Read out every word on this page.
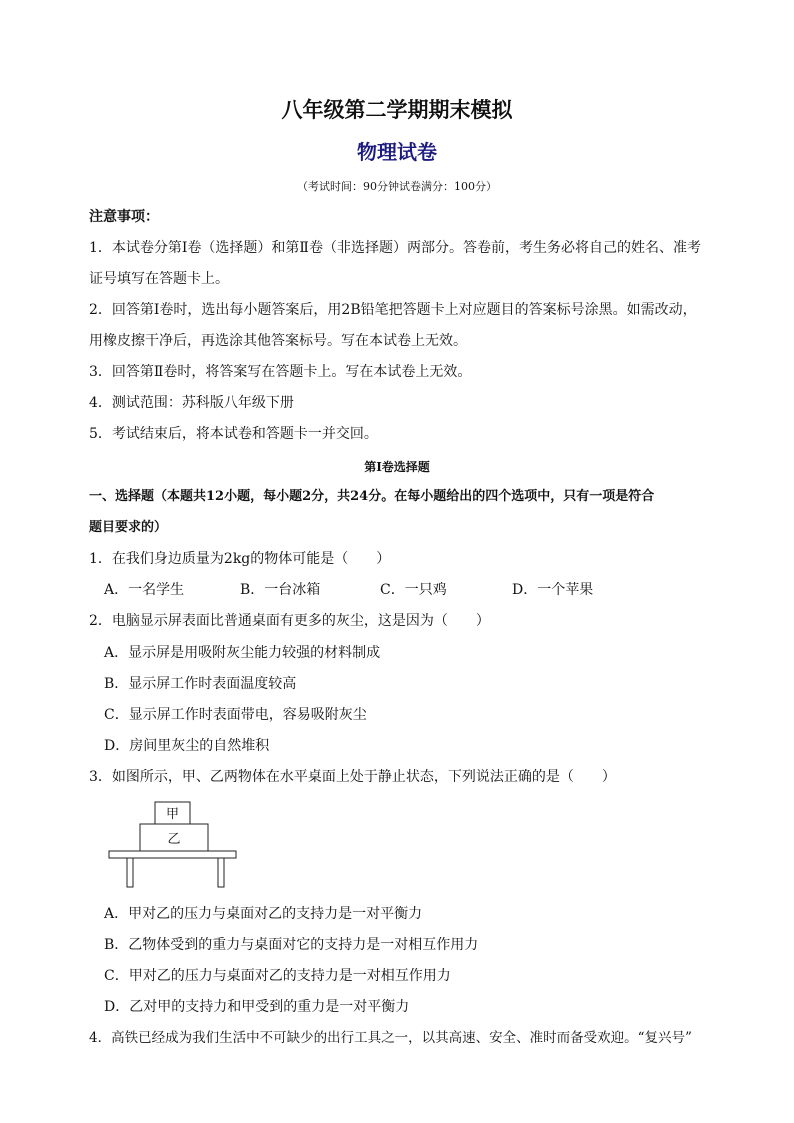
八年级第二学期期末模拟
物理试卷
（考试时间：90分钟试卷满分：100分）
注意事项：
1．本试卷分第Ⅰ卷（选择题）和第Ⅱ卷（非选择题）两部分。答卷前，考生务必将自己的姓名、准考
证号填写在答题卡上。
2．回答第Ⅰ卷时，选出每小题答案后，用2B铅笔把答题卡上对应题目的答案标号涂黑。如需改动，
用橡皮擦干净后，再选涂其他答案标号。写在本试卷上无效。
3．回答第Ⅱ卷时，将答案写在答题卡上。写在本试卷上无效。
4．测试范围：苏科版八年级下册
5．考试结束后，将本试卷和答题卡一并交回。
第Ⅰ卷选择题
一、选择题（本题共12小题，每小题2分，共24分。在每小题给出的四个选项中，只有一项是符合
题目要求的）
1．在我们身边质量为2kg的物体可能是（　　）
A．一名学生	B．一台冰箱	C．一只鸡	D．一个苹果
2．电脑显示屏表面比普通桌面有更多的灰尘，这是因为（　　）
A．显示屏是用吸附灰尘能力较强的材料制成
B．显示屏工作时表面温度较高
C．显示屏工作时表面带电，容易吸附灰尘
D．房间里灰尘的自然堆积
3．如图所示，甲、乙两物体在水平桌面上处于静止状态，下列说法正确的是（　　）
甲
乙
A．甲对乙的压力与桌面对乙的支持力是一对平衡力
B．乙物体受到的重力与桌面对它的支持力是一对相互作用力
C．甲对乙的压力与桌面对乙的支持力是一对相互作用力
D．乙对甲的支持力和甲受到的重力是一对平衡力
4．高铁已经成为我们生活中不可缺少的出行工具之一，以其高速、安全、准时而备受欢迎。“复兴号”
